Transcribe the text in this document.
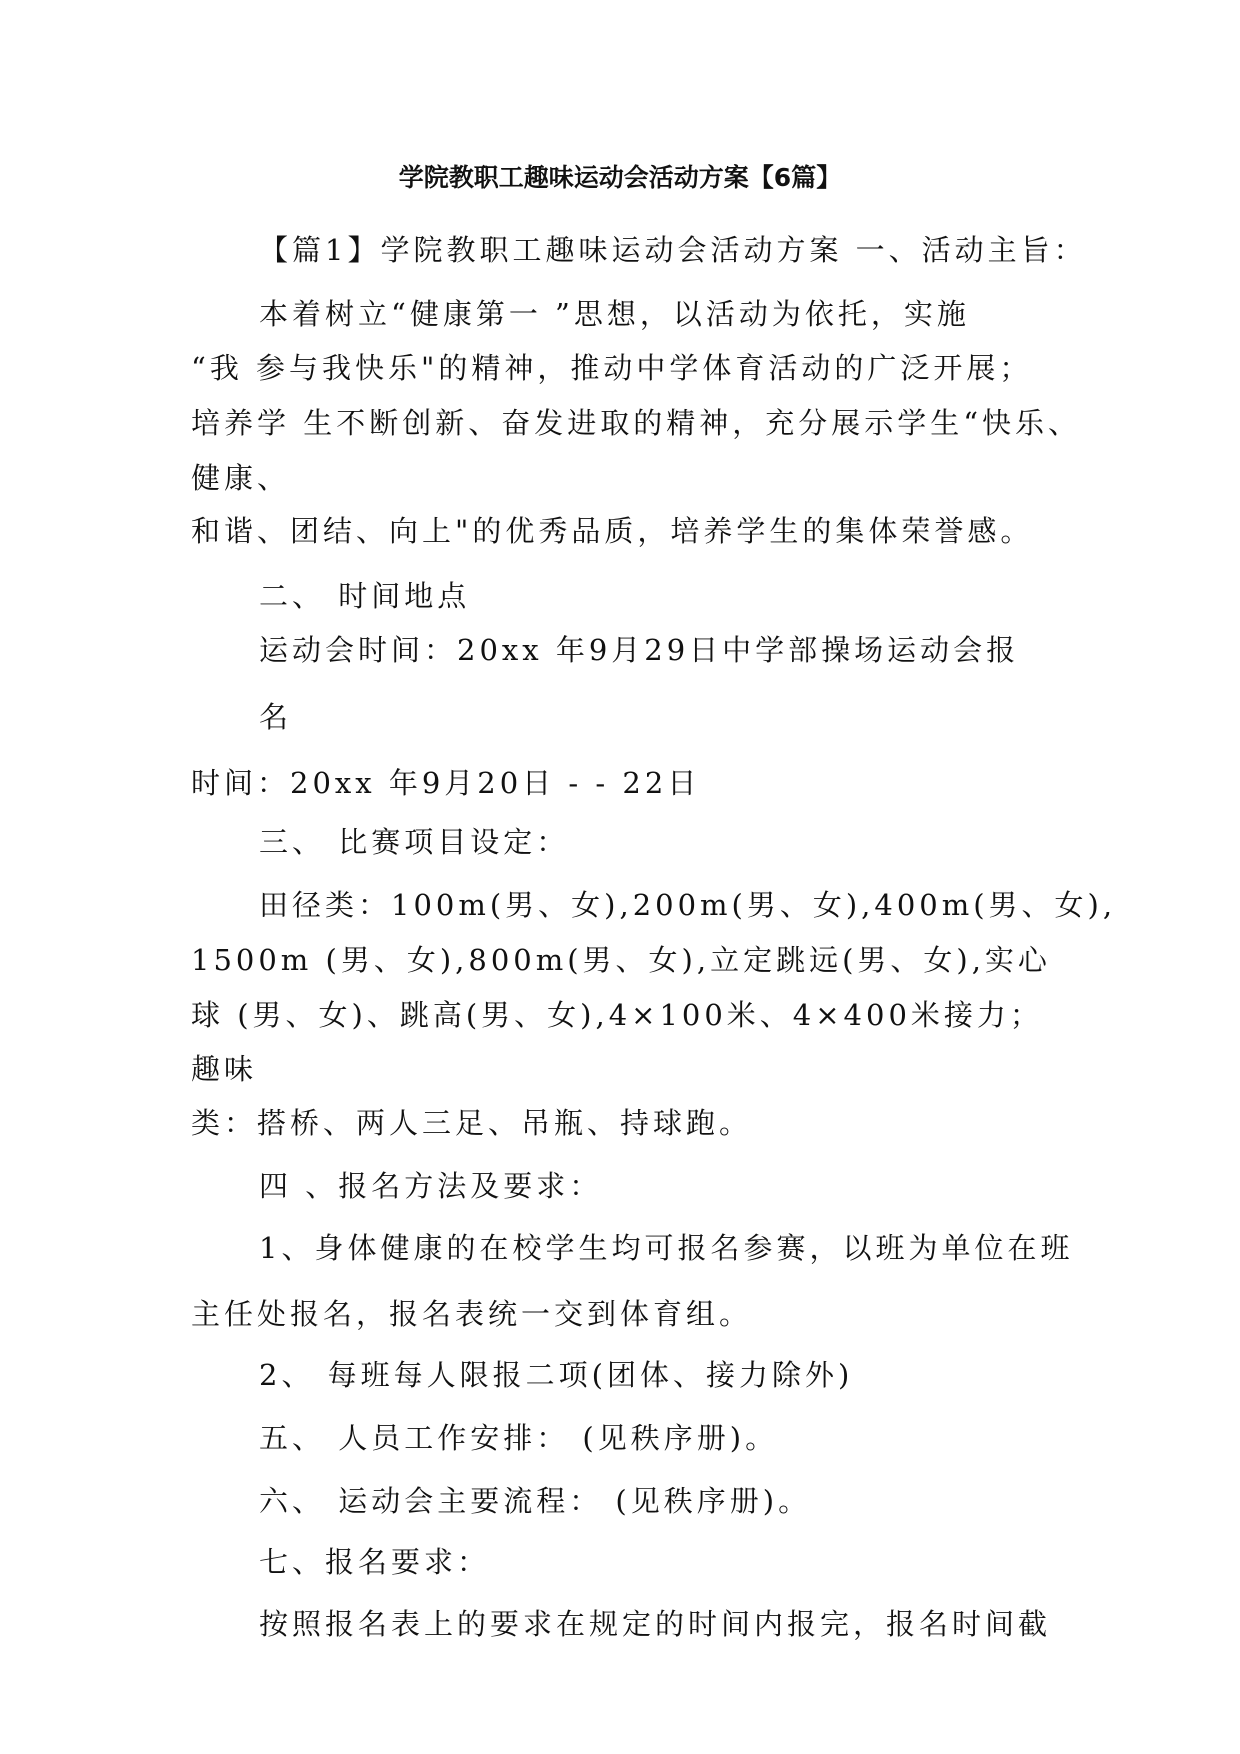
学院教职工趣味运动会活动方案【6篇】
【篇1】学院教职工趣味运动会活动方案 一、活动主旨：
本着树立“健康第一 ”思想，以活动为依托，实施
“我 参与我快乐"的精神，推动中学体育活动的广泛开展；
培养学 生不断创新、奋发进取的精神，充分展示学生“快乐、
健康、
和谐、团结、向上"的优秀品质，培养学生的集体荣誉感。
二、 时间地点
运动会时间：20xx 年9月29日中学部操场运动会报
名
时间：20xx 年9月20日 - - 22日
三、 比赛项目设定：
田径类：100m(男、女),200m(男、女),400m(男、女),
1500m (男、女),800m(男、女),立定跳远(男、女),实心
球 (男、女)、跳高(男、女),4×100米、4×400米接力；
趣味
类：搭桥、两人三足、吊瓶、持球跑。
四 、报名方法及要求：
1、身体健康的在校学生均可报名参赛，以班为单位在班
主任处报名，报名表统一交到体育组。
2、 每班每人限报二项(团体、接力除外)
五、 人员工作安排： (见秩序册)。
六、 运动会主要流程： (见秩序册)。
七、报名要求：
按照报名表上的要求在规定的时间内报完，报名时间截
